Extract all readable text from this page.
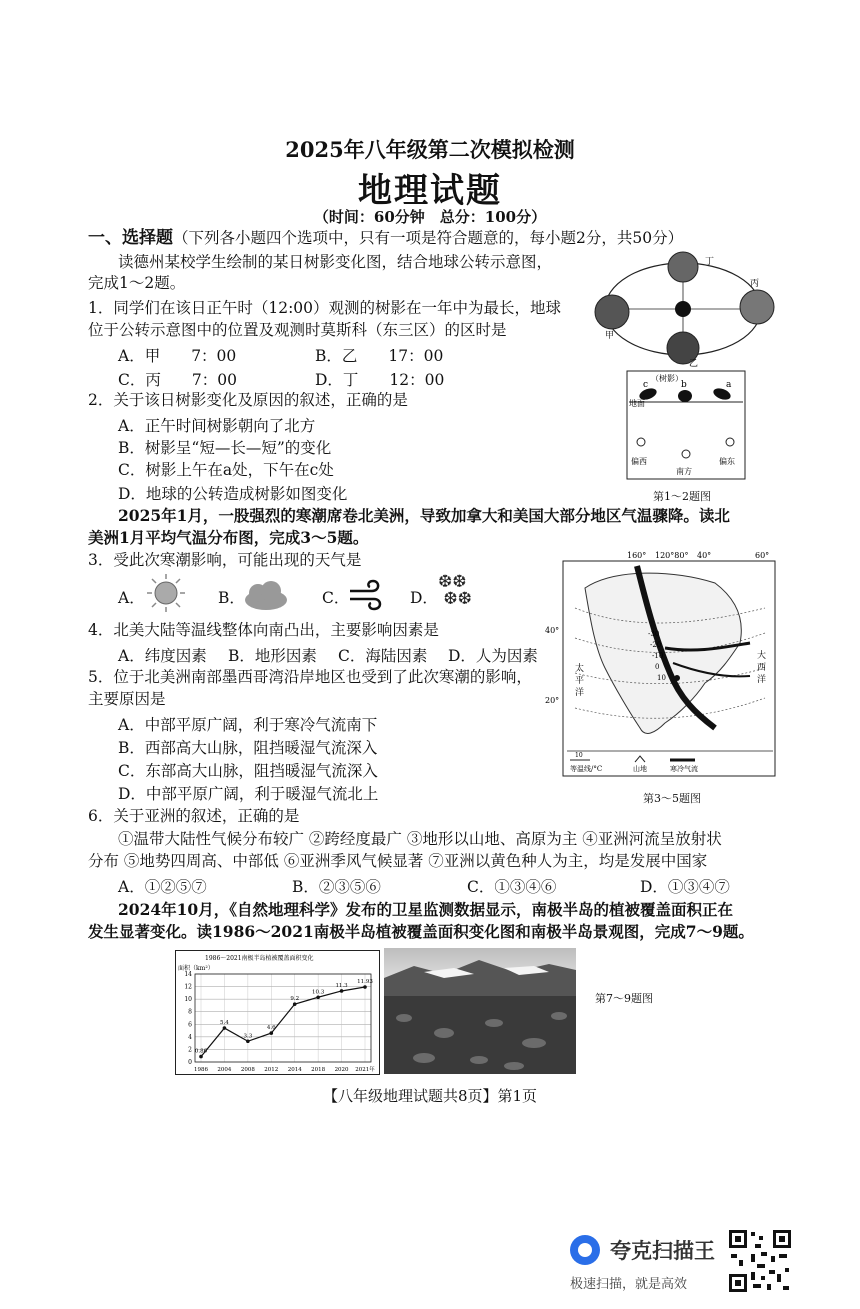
2025年八年级第二次模拟检测
地理试题
（时间：60分钟　总分：100分）
一、选择题（下列各小题四个选项中，只有一项是符合题意的，每小题2分，共50分）
读德州某校学生绘制的某日树影变化图，结合地球公转示意图，
完成1～2题。
1．同学们在该日正午时（12:00）观测的树影在一年中为最长，地球
位于公转示意图中的位置及观测时莫斯科（东三区）的区时是
A．甲　　7：00	B．乙　　17：00
C．丙　　7：00	D．丁　　12：00
2．关于该日树影变化及原因的叙述，正确的是
A．正午时间树影朝向了北方
B．树影呈“短—长—短”的变化
C．树影上午在a处，下午在c处
D．地球的公转造成树影如图变化
丁
甲
乙
丙
（树影）
c	b	a
地面
偏西
南方
偏东
第1～2题图
2025年1月，一股强烈的寒潮席卷北美洲，导致加拿大和美国大部分地区气温骤降。读北
美洲1月平均气温分布图，完成3～5题。
3．受此次寒潮影响，可能出现的天气是
A．	B．	C．	D．
❆❆
❆❆
4．北美大陆等温线整体向南凸出，主要影响因素是
A．纬度因素 B．地形因素 C．海陆因素 D．人为因素
5．位于北美洲南部墨西哥湾沿岸地区也受到了此次寒潮的影响，
主要原因是
A．中部平原广阔，利于寒冷气流南下
B．西部高大山脉，阻挡暖湿气流深入
C．东部高大山脉，阻挡暖湿气流深入
D．中部平原广阔，利于暖湿气流北上
160° 120°80° 40°	60°
40°
20°
-30
-20
-10
0
10
太
平
洋
大
西
洋
10
等温线/°C	山地	寒冷气流
第3～5题图
6．关于亚洲的叙述，正确的是
①温带大陆性气候分布较广 ②跨经度最广 ③地形以山地、高原为主 ④亚洲河流呈放射状
分布 ⑤地势四周高、中部低 ⑥亚洲季风气候显著 ⑦亚洲以黄色种人为主，均是发展中国家
A．①②⑤⑦	B．②③⑤⑥	C．①③④⑥	D．①③④⑦
2024年10月，《自然地理科学》发布的卫星监测数据显示，南极半岛的植被覆盖面积正在
发生显著变化。读1986～2021南极半岛植被覆盖面积变化图和南极半岛景观图，完成7～9题。
1986～2021南极半岛植被覆盖面积变化
面积（km²）
0
2
4
6
8
10
12
14
1986 2004 2008 2012 2014 2018 2020 2021年
0.86
5.4
3.3
4.6
9.2
10.3
11.3
11.93
第7～9题图
【八年级地理试题共8页】第1页
夸克扫描王
极速扫描，就是高效
